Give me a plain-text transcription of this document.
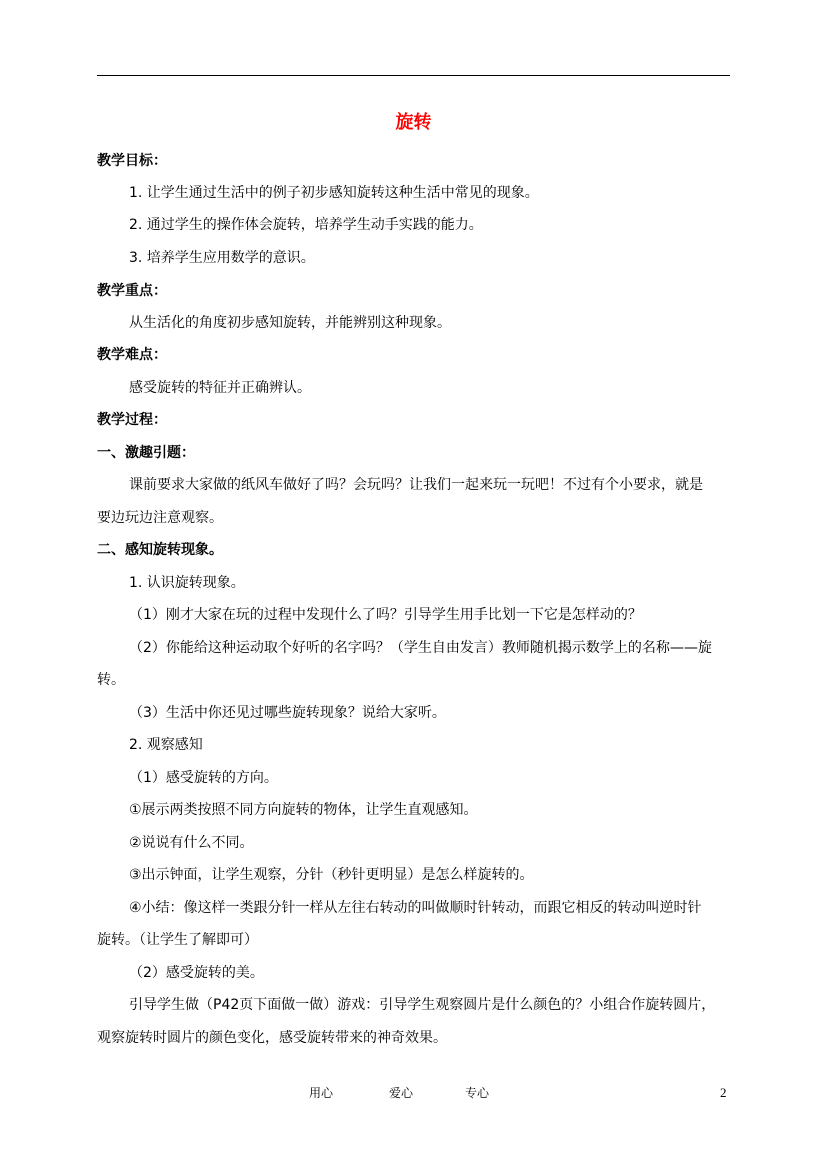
旋转
教学目标：
1. 让学生通过生活中的例子初步感知旋转这种生活中常见的现象。
2. 通过学生的操作体会旋转，培养学生动手实践的能力。
3. 培养学生应用数学的意识。
教学重点：
从生活化的角度初步感知旋转，并能辨别这种现象。
教学难点：
感受旋转的特征并正确辨认。
教学过程：
一、激趣引题：
课前要求大家做的纸风车做好了吗？会玩吗？让我们一起来玩一玩吧！不过有个小要求，就是
要边玩边注意观察。
二、感知旋转现象。
1. 认识旋转现象。
（1）刚才大家在玩的过程中发现什么了吗？引导学生用手比划一下它是怎样动的？
（2）你能给这种运动取个好听的名字吗？（学生自由发言）教师随机揭示数学上的名称——旋
转。
（3）生活中你还见过哪些旋转现象？说给大家听。
2. 观察感知
（1）感受旋转的方向。
①展示两类按照不同方向旋转的物体，让学生直观感知。
②说说有什么不同。
③出示钟面，让学生观察，分针（秒针更明显）是怎么样旋转的。
④小结：像这样一类跟分针一样从左往右转动的叫做顺时针转动，而跟它相反的转动叫逆时针
旋转。（让学生了解即可）
（2）感受旋转的美。
引导学生做（P42页下面做一做）游戏：引导学生观察圆片是什么颜色的？小组合作旋转圆片，
观察旋转时圆片的颜色变化，感受旋转带来的神奇效果。
用心	爱心	专心	2
